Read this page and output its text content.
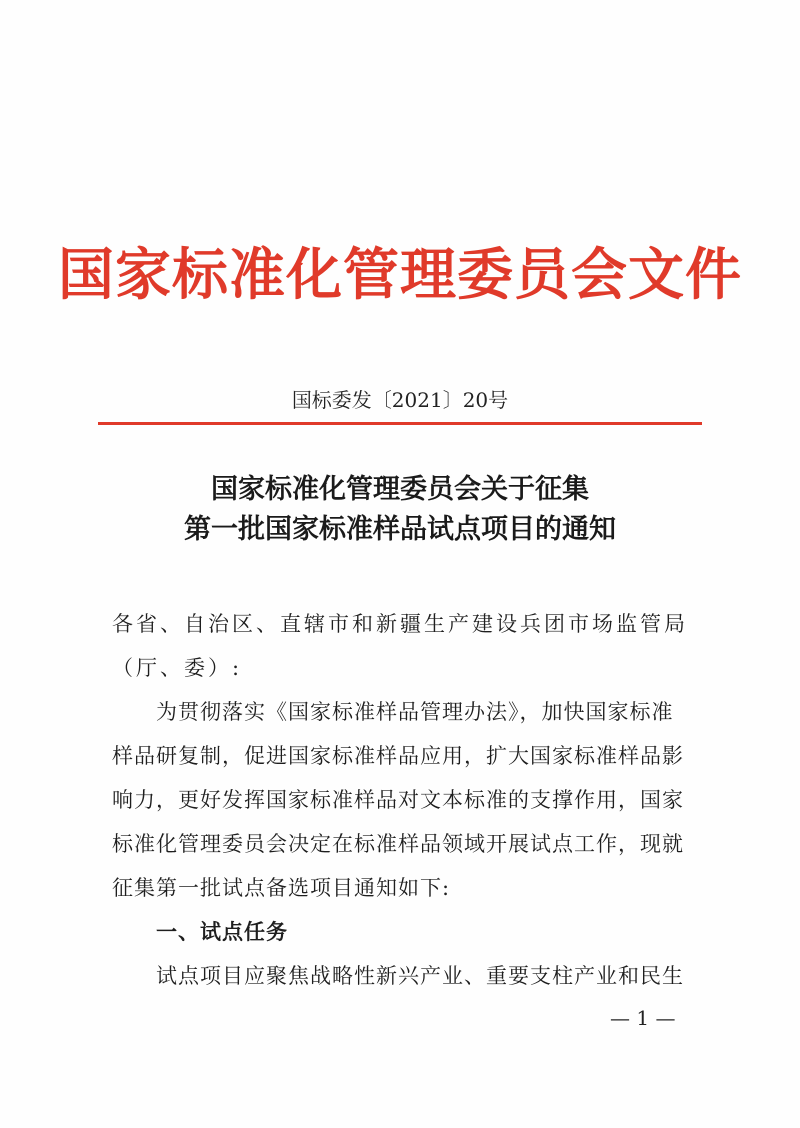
国家标准化管理委员会文件
国标委发〔2021〕20号
国家标准化管理委员会关于征集
第一批国家标准样品试点项目的通知
各省、自治区、直辖市和新疆生产建设兵团市场监管局
（厅、委）:
为贯彻落实《国家标准样品管理办法》，加快国家标准
样品研复制，促进国家标准样品应用，扩大国家标准样品影
响力，更好发挥国家标准样品对文本标准的支撑作用，国家
标准化管理委员会决定在标准样品领域开展试点工作，现就
征集第一批试点备选项目通知如下:
一、试点任务
试点项目应聚焦战略性新兴产业、重要支柱产业和民生
— 1 —
